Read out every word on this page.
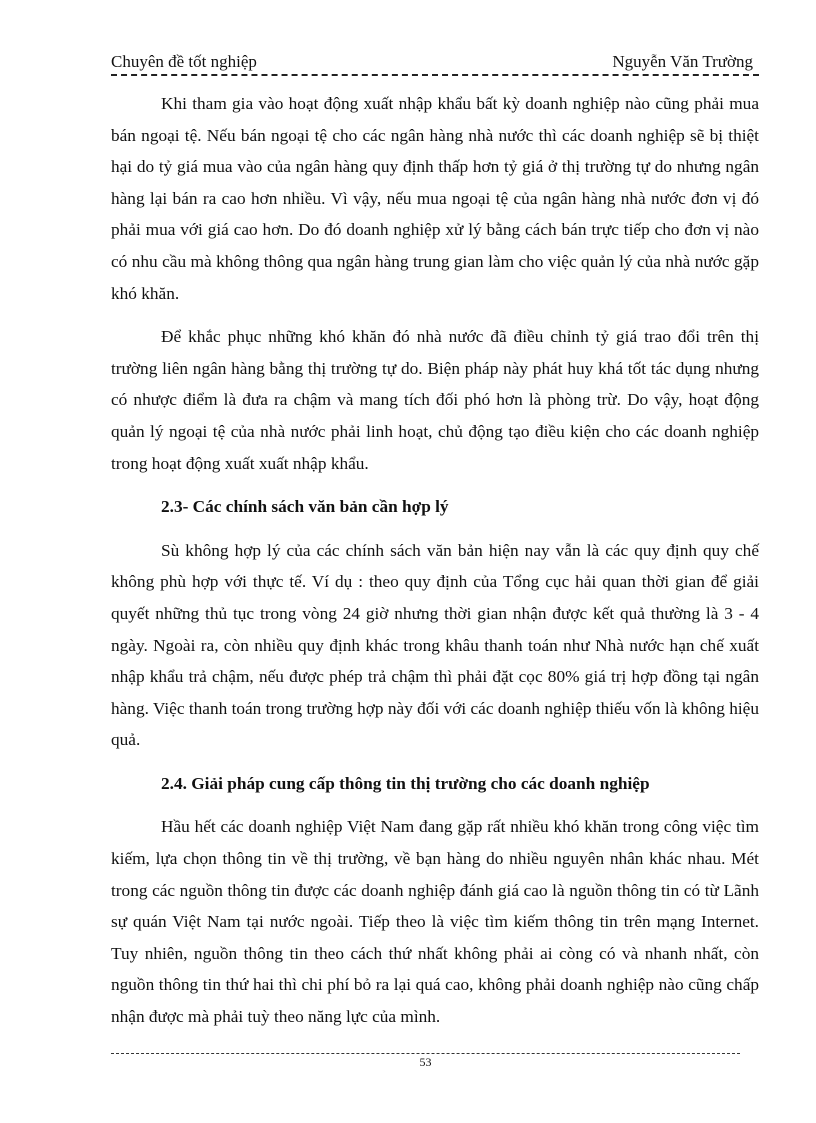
Chuyên đề tốt nghiệp	Nguyễn Văn Trường

Khi tham gia vào hoạt động xuất nhập khẩu bất kỳ doanh nghiệp nào cũng phải mua bán ngoại tệ. Nếu bán ngoại tệ cho các ngân hàng nhà nước thì các doanh nghiệp sẽ bị thiệt hại do tỷ giá mua vào của ngân hàng quy định thấp hơn tỷ giá ở thị trường tự do nhưng ngân hàng lại bán ra cao hơn nhiều. Vì vậy, nếu mua ngoại tệ của ngân hàng nhà nước đơn vị đó phải mua với giá cao hơn. Do đó doanh nghiệp xử lý bằng cách bán trực tiếp cho đơn vị nào có nhu cầu mà không thông qua ngân hàng trung gian làm cho việc quản lý của nhà nước gặp khó khăn.

Để khắc phục những khó khăn đó nhà nước đã điều chỉnh tỷ giá trao đổi trên thị trường liên ngân hàng bằng thị trường tự do. Biện pháp này phát huy khá tốt tác dụng nhưng có nhược điểm là đưa ra chậm và mang tích đối phó hơn là phòng trừ. Do vậy, hoạt động quản lý ngoại tệ của nhà nước phải linh hoạt, chủ động tạo điều kiện cho các doanh nghiệp trong hoạt động xuất xuất nhập khẩu.

2.3- Các chính sách văn bản cần hợp lý

Sù không hợp lý của các chính sách văn bản hiện nay vẫn là các quy định quy chế không phù hợp với thực tế. Ví dụ : theo quy định của Tổng cục hải quan thời gian để giải quyết những thủ tục trong vòng 24 giờ nhưng thời gian nhận được kết quả thường là 3 - 4 ngày. Ngoài ra, còn nhiều quy định khác trong khâu thanh toán như Nhà nước hạn chế xuất nhập khẩu trả chậm, nếu được phép trả chậm thì phải đặt cọc 80% giá trị hợp đồng tại ngân hàng. Việc thanh toán trong trường hợp này đối với các doanh nghiệp thiếu vốn là không hiệu quả.

2.4. Giải pháp cung cấp thông tin thị trường cho các doanh nghiệp

Hầu hết các doanh nghiệp Việt Nam đang gặp rất nhiều khó khăn trong công việc tìm kiếm, lựa chọn thông tin về thị trường, về bạn hàng do nhiều nguyên nhân khác nhau. Mét trong các nguồn thông tin được các doanh nghiệp đánh giá cao là nguồn thông tin có từ Lãnh sự quán Việt Nam tại nước ngoài. Tiếp theo là việc tìm kiếm thông tin trên mạng Internet. Tuy nhiên, nguồn thông tin theo cách thứ nhất không phải ai còng có và nhanh nhất, còn nguồn thông tin thứ hai thì chi phí bỏ ra lại quá cao, không phải doanh nghiệp nào cũng chấp nhận được mà phải tuỳ theo năng lực của mình.

53
